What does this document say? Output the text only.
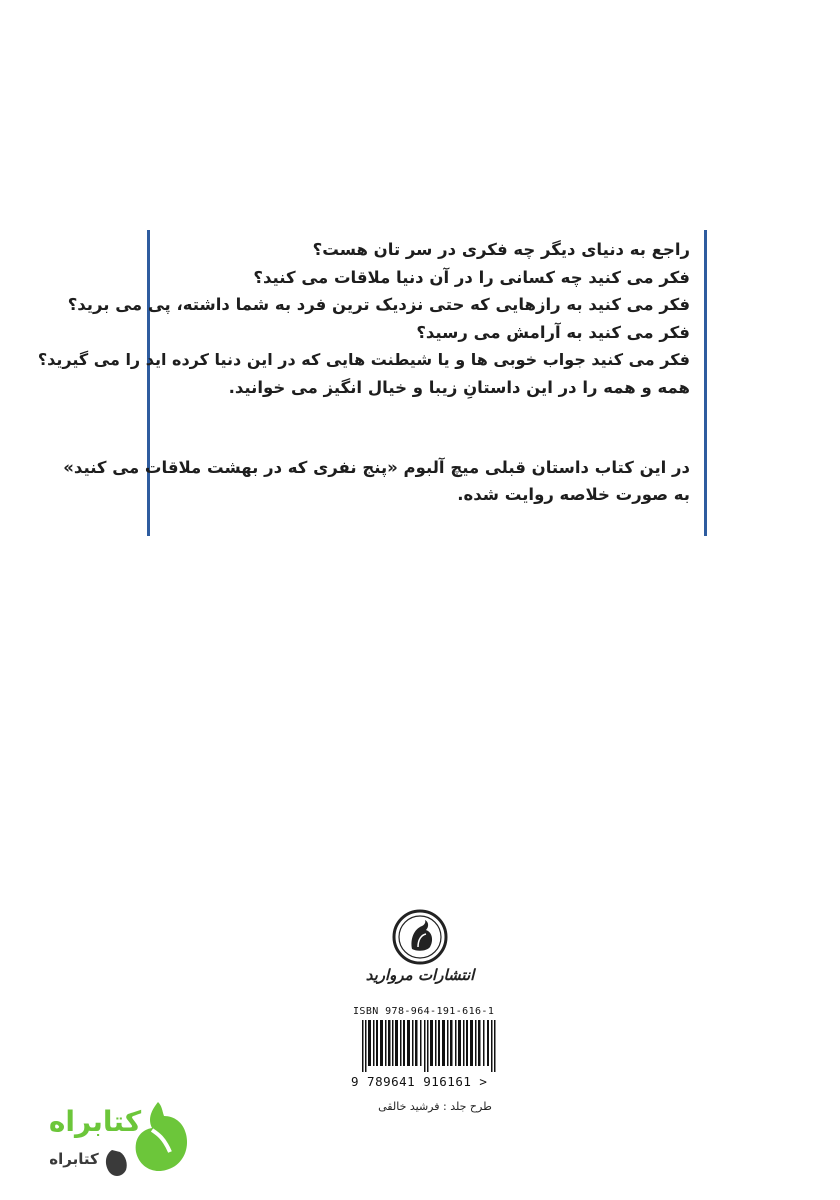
راجع به دنیای دیگر چه فکری در سر تان هست؟

فکر می کنید چه کسانی را در آن دنیا ملاقات می کنید؟

فکر می کنید به رازهایی که حتی نزدیک ترین فرد به شما داشته، پی می برید؟

فکر می کنید به آرامش می رسید؟

فکر می کنید جواب خوبی ها و یا شیطنت هایی که در این دنیا کرده اید را می گیرید؟

همه و همه را در این داستانِ زیبا و خیال انگیز می خوانید.

در این کتاب داستان قبلی میچ آلبوم «پنج نفری که در بهشت ملاقات می کنید»

به صورت خلاصه روایت شده.

انتشارات مروارید
ISBN 978-964-191-616-1
9 789641 916161 >
طرح جلد : فرشید خالقی
کتابراه
کتابراه
